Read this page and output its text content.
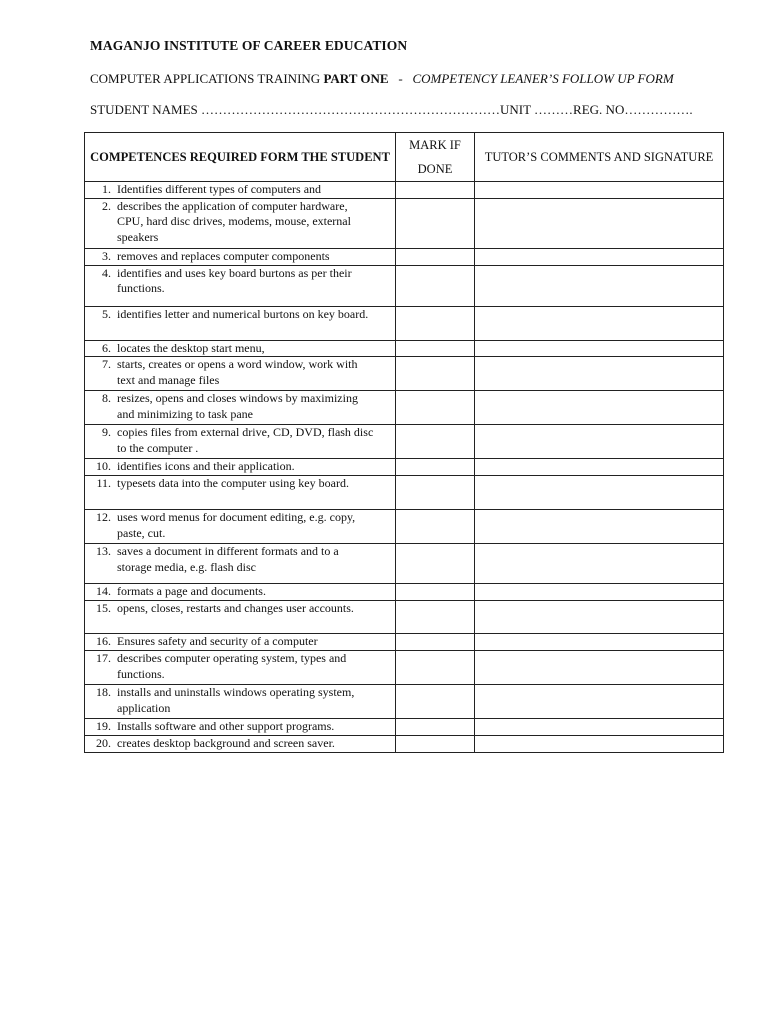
MAGANJO INSTITUTE OF CAREER EDUCATION
COMPUTER APPLICATIONS TRAINING PART ONE   -   COMPETENCY LEANER’S FOLLOW UP FORM
STUDENT NAMES ……………………………………………………………UNIT ………REG. NO…………….
COMPETENCES REQUIRED FORM THE STUDENT	MARK IF DONE	TUTOR’S COMMENTS AND SIGNATURE
1. Identifies different types of computers and		
2. describes the application of computer hardware, CPU, hard disc drives, modems, mouse, external speakers		
3. removes and replaces computer components		
4. identifies and uses key board burtons as per their functions.		
5. identifies letter and numerical burtons on key board.		
6. locates the desktop start menu,		
7. starts, creates or opens a word window, work with text and manage files		
8. resizes, opens and closes windows by maximizing and minimizing to task pane		
9. copies files from external drive, CD, DVD, flash disc to the computer .		
10. identifies icons and their application.		
11. typesets data into the computer using key board.		
12. uses word menus for document editing, e.g. copy, paste, cut.		
13. saves a document in different formats and to a storage media, e.g. flash disc		
14. formats a page and documents.		
15. opens, closes, restarts and changes user accounts.		
16. Ensures safety and security of a computer		
17. describes computer operating system, types and functions.		
18. installs and uninstalls windows operating system, application		
19. Installs software and other support programs.		
20. creates desktop background and screen saver.		
